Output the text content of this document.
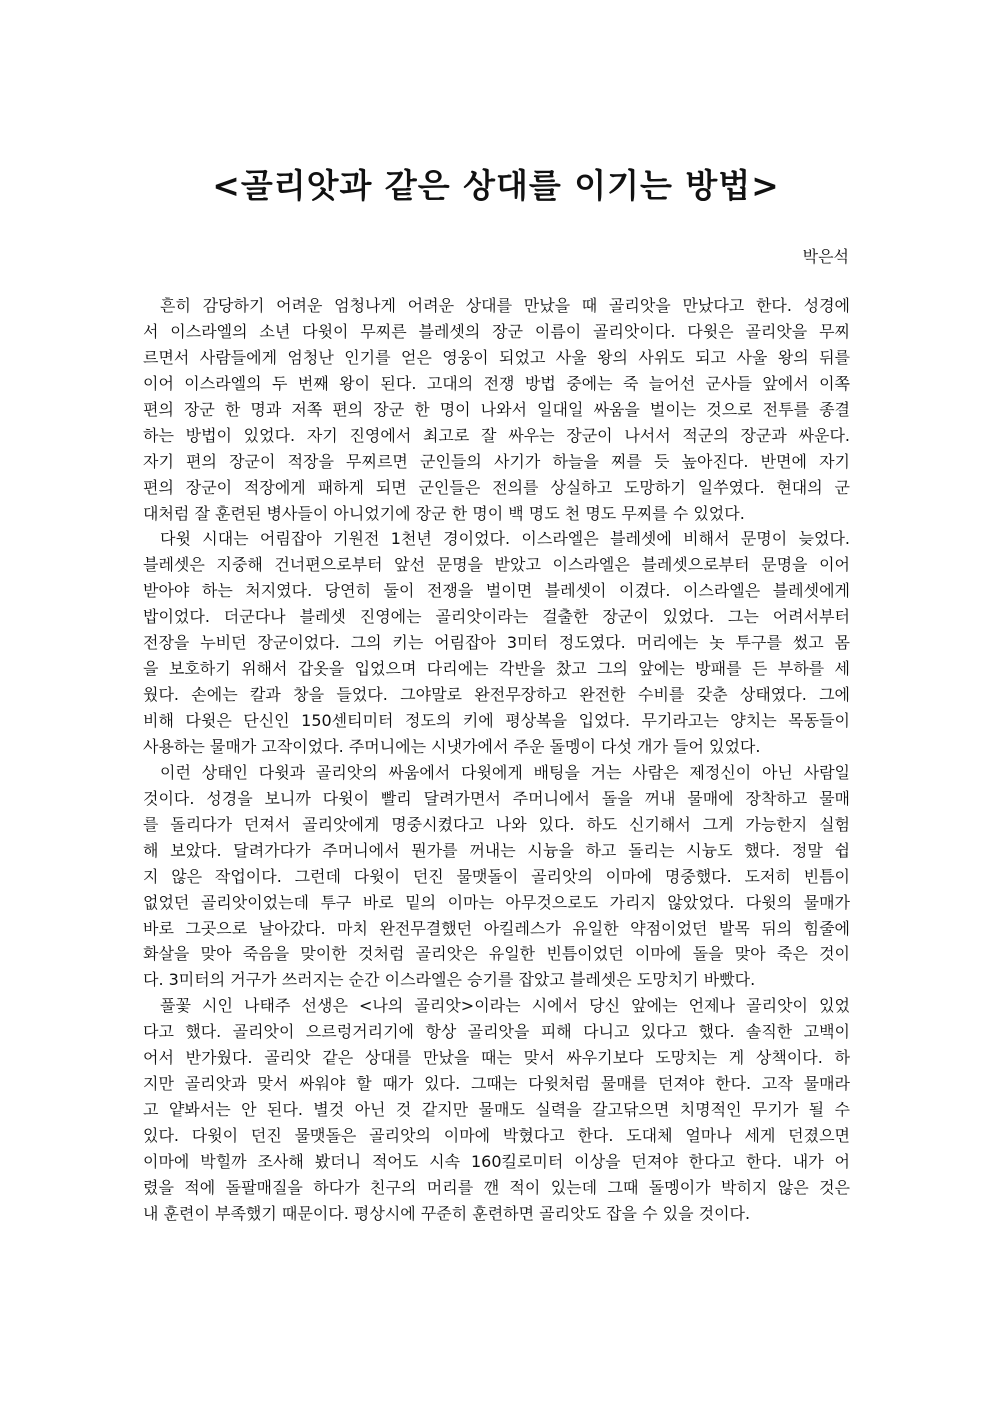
<골리앗과 같은 상대를 이기는 방법>
박은석
흔히 감당하기 어려운 엄청나게 어려운 상대를 만났을 때 골리앗을 만났다고 한다. 성경에
서 이스라엘의 소년 다윗이 무찌른 블레셋의 장군 이름이 골리앗이다. 다윗은 골리앗을 무찌
르면서 사람들에게 엄청난 인기를 얻은 영웅이 되었고 사울 왕의 사위도 되고 사울 왕의 뒤를
이어 이스라엘의 두 번째 왕이 된다. 고대의 전쟁 방법 중에는 죽 늘어선 군사들 앞에서 이쪽
편의 장군 한 명과 저쪽 편의 장군 한 명이 나와서 일대일 싸움을 벌이는 것으로 전투를 종결
하는 방법이 있었다. 자기 진영에서 최고로 잘 싸우는 장군이 나서서 적군의 장군과 싸운다.
자기 편의 장군이 적장을 무찌르면 군인들의 사기가 하늘을 찌를 듯 높아진다. 반면에 자기
편의 장군이 적장에게 패하게 되면 군인들은 전의를 상실하고 도망하기 일쑤였다. 현대의 군
대처럼 잘 훈련된 병사들이 아니었기에 장군 한 명이 백 명도 천 명도 무찌를 수 있었다.
다윗 시대는 어림잡아 기원전 1천년 경이었다. 이스라엘은 블레셋에 비해서 문명이 늦었다.
블레셋은 지중해 건너편으로부터 앞선 문명을 받았고 이스라엘은 블레셋으로부터 문명을 이어
받아야 하는 처지였다. 당연히 둘이 전쟁을 벌이면 블레셋이 이겼다. 이스라엘은 블레셋에게
밥이었다. 더군다나 블레셋 진영에는 골리앗이라는 걸출한 장군이 있었다. 그는 어려서부터
전장을 누비던 장군이었다. 그의 키는 어림잡아 3미터 정도였다. 머리에는 놋 투구를 썼고 몸
을 보호하기 위해서 갑옷을 입었으며 다리에는 각반을 찼고 그의 앞에는 방패를 든 부하를 세
웠다. 손에는 칼과 창을 들었다. 그야말로 완전무장하고 완전한 수비를 갖춘 상태였다. 그에
비해 다윗은 단신인 150센티미터 정도의 키에 평상복을 입었다. 무기라고는 양치는 목동들이
사용하는 물매가 고작이었다. 주머니에는 시냇가에서 주운 돌멩이 다섯 개가 들어 있었다.
이런 상태인 다윗과 골리앗의 싸움에서 다윗에게 배팅을 거는 사람은 제정신이 아닌 사람일
것이다. 성경을 보니까 다윗이 빨리 달려가면서 주머니에서 돌을 꺼내 물매에 장착하고 물매
를 돌리다가 던져서 골리앗에게 명중시켰다고 나와 있다. 하도 신기해서 그게 가능한지 실험
해 보았다. 달려가다가 주머니에서 뭔가를 꺼내는 시늉을 하고 돌리는 시늉도 했다. 정말 쉽
지 않은 작업이다. 그런데 다윗이 던진 물맷돌이 골리앗의 이마에 명중했다. 도저히 빈틈이
없었던 골리앗이었는데 투구 바로 밑의 이마는 아무것으로도 가리지 않았었다. 다윗의 물매가
바로 그곳으로 날아갔다. 마치 완전무결했던 아킬레스가 유일한 약점이었던 발목 뒤의 힘줄에
화살을 맞아 죽음을 맞이한 것처럼 골리앗은 유일한 빈틈이었던 이마에 돌을 맞아 죽은 것이
다. 3미터의 거구가 쓰러지는 순간 이스라엘은 승기를 잡았고 블레셋은 도망치기 바빴다.
풀꽃 시인 나태주 선생은 <나의 골리앗>이라는 시에서 당신 앞에는 언제나 골리앗이 있었
다고 했다. 골리앗이 으르렁거리기에 항상 골리앗을 피해 다니고 있다고 했다. 솔직한 고백이
어서 반가웠다. 골리앗 같은 상대를 만났을 때는 맞서 싸우기보다 도망치는 게 상책이다. 하
지만 골리앗과 맞서 싸워야 할 때가 있다. 그때는 다윗처럼 물매를 던져야 한다. 고작 물매라
고 얕봐서는 안 된다. 별것 아닌 것 같지만 물매도 실력을 갈고닦으면 치명적인 무기가 될 수
있다. 다윗이 던진 물맷돌은 골리앗의 이마에 박혔다고 한다. 도대체 얼마나 세게 던졌으면
이마에 박힐까 조사해 봤더니 적어도 시속 160킬로미터 이상을 던져야 한다고 한다. 내가 어
렸을 적에 돌팔매질을 하다가 친구의 머리를 깬 적이 있는데 그때 돌멩이가 박히지 않은 것은
내 훈련이 부족했기 때문이다. 평상시에 꾸준히 훈련하면 골리앗도 잡을 수 있을 것이다.
